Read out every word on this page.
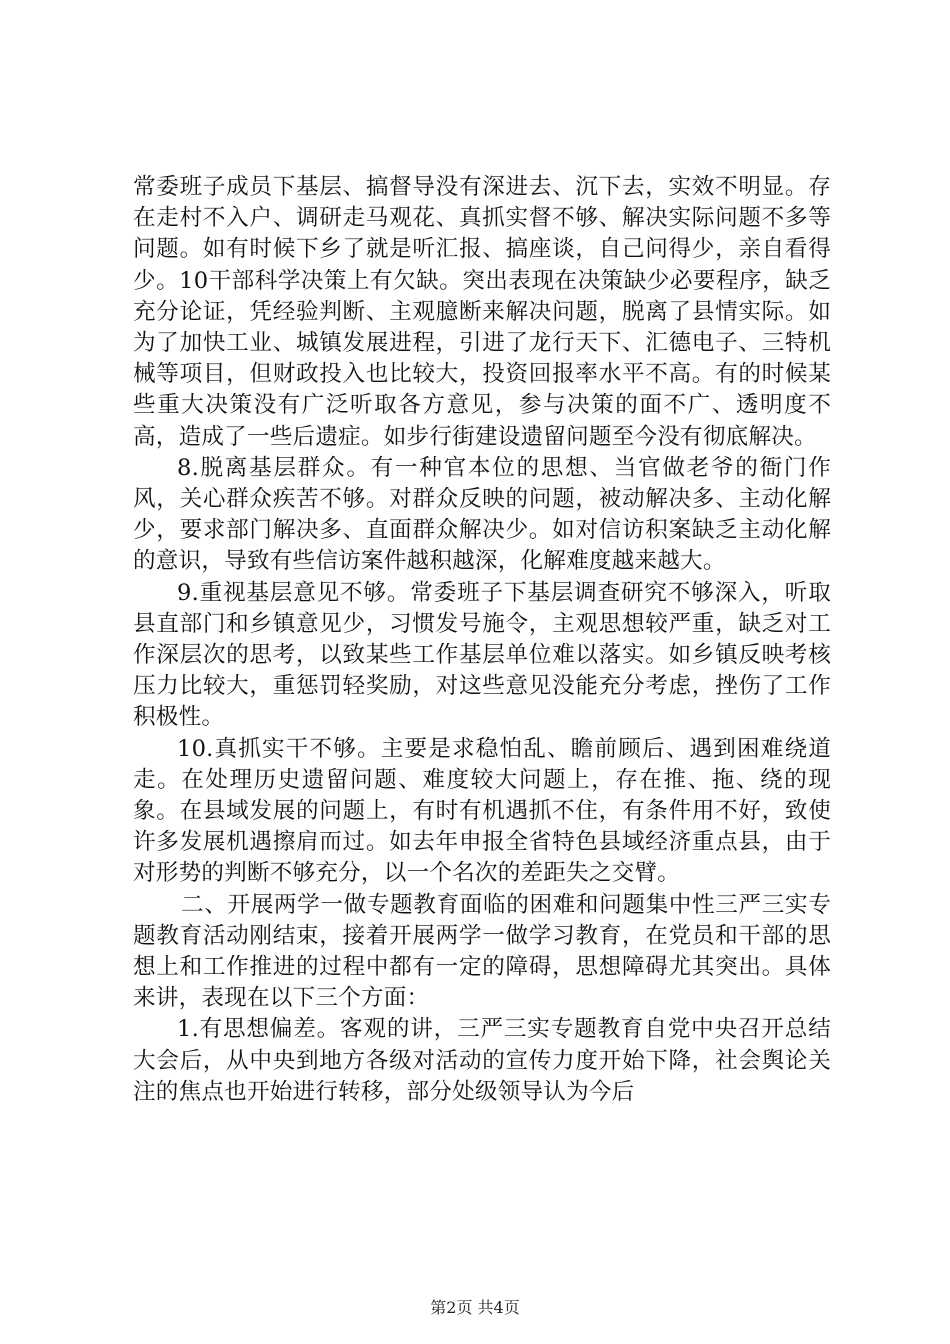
常委班子成员下基层、搞督导没有深进去、沉下去，实效不明显。存在走村不入户、调研走马观花、真抓实督不够、解决实际问题不多等问题。如有时候下乡了就是听汇报、搞座谈，自己问得少，亲自看得少。10干部科学决策上有欠缺。突出表现在决策缺少必要程序，缺乏充分论证，凭经验判断、主观臆断来解决问题，脱离了县情实际。如为了加快工业、城镇发展进程，引进了龙行天下、汇德电子、三特机械等项目，但财政投入也比较大，投资回报率水平不高。有的时候某些重大决策没有广泛听取各方意见，参与决策的面不广、透明度不高，造成了一些后遗症。如步行街建设遗留问题至今没有彻底解决。

8.脱离基层群众。有一种官本位的思想、当官做老爷的衙门作风，关心群众疾苦不够。对群众反映的问题，被动解决多、主动化解少，要求部门解决多、直面群众解决少。如对信访积案缺乏主动化解的意识，导致有些信访案件越积越深，化解难度越来越大。

9.重视基层意见不够。常委班子下基层调查研究不够深入，听取县直部门和乡镇意见少，习惯发号施令，主观思想较严重，缺乏对工作深层次的思考，以致某些工作基层单位难以落实。如乡镇反映考核压力比较大，重惩罚轻奖励，对这些意见没能充分考虑，挫伤了工作积极性。

10.真抓实干不够。主要是求稳怕乱、瞻前顾后、遇到困难绕道走。在处理历史遗留问题、难度较大问题上，存在推、拖、绕的现象。在县域发展的问题上，有时有机遇抓不住，有条件用不好，致使许多发展机遇擦肩而过。如去年申报全省特色县域经济重点县，由于对形势的判断不够充分，以一个名次的差距失之交臂。

二、开展两学一做专题教育面临的困难和问题集中性三严三实专题教育活动刚结束，接着开展两学一做学习教育，在党员和干部的思想上和工作推进的过程中都有一定的障碍，思想障碍尤其突出。具体来讲，表现在以下三个方面：

1.有思想偏差。客观的讲，三严三实专题教育自党中央召开总结大会后，从中央到地方各级对活动的宣传力度开始下降，社会舆论关注的焦点也开始进行转移，部分处级领导认为今后

第2页 共4页
